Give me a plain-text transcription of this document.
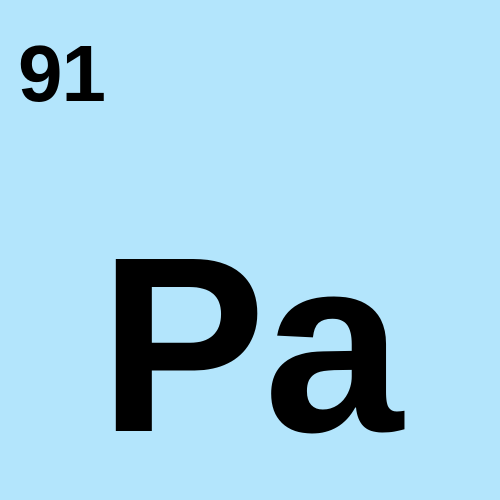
91
Pa
